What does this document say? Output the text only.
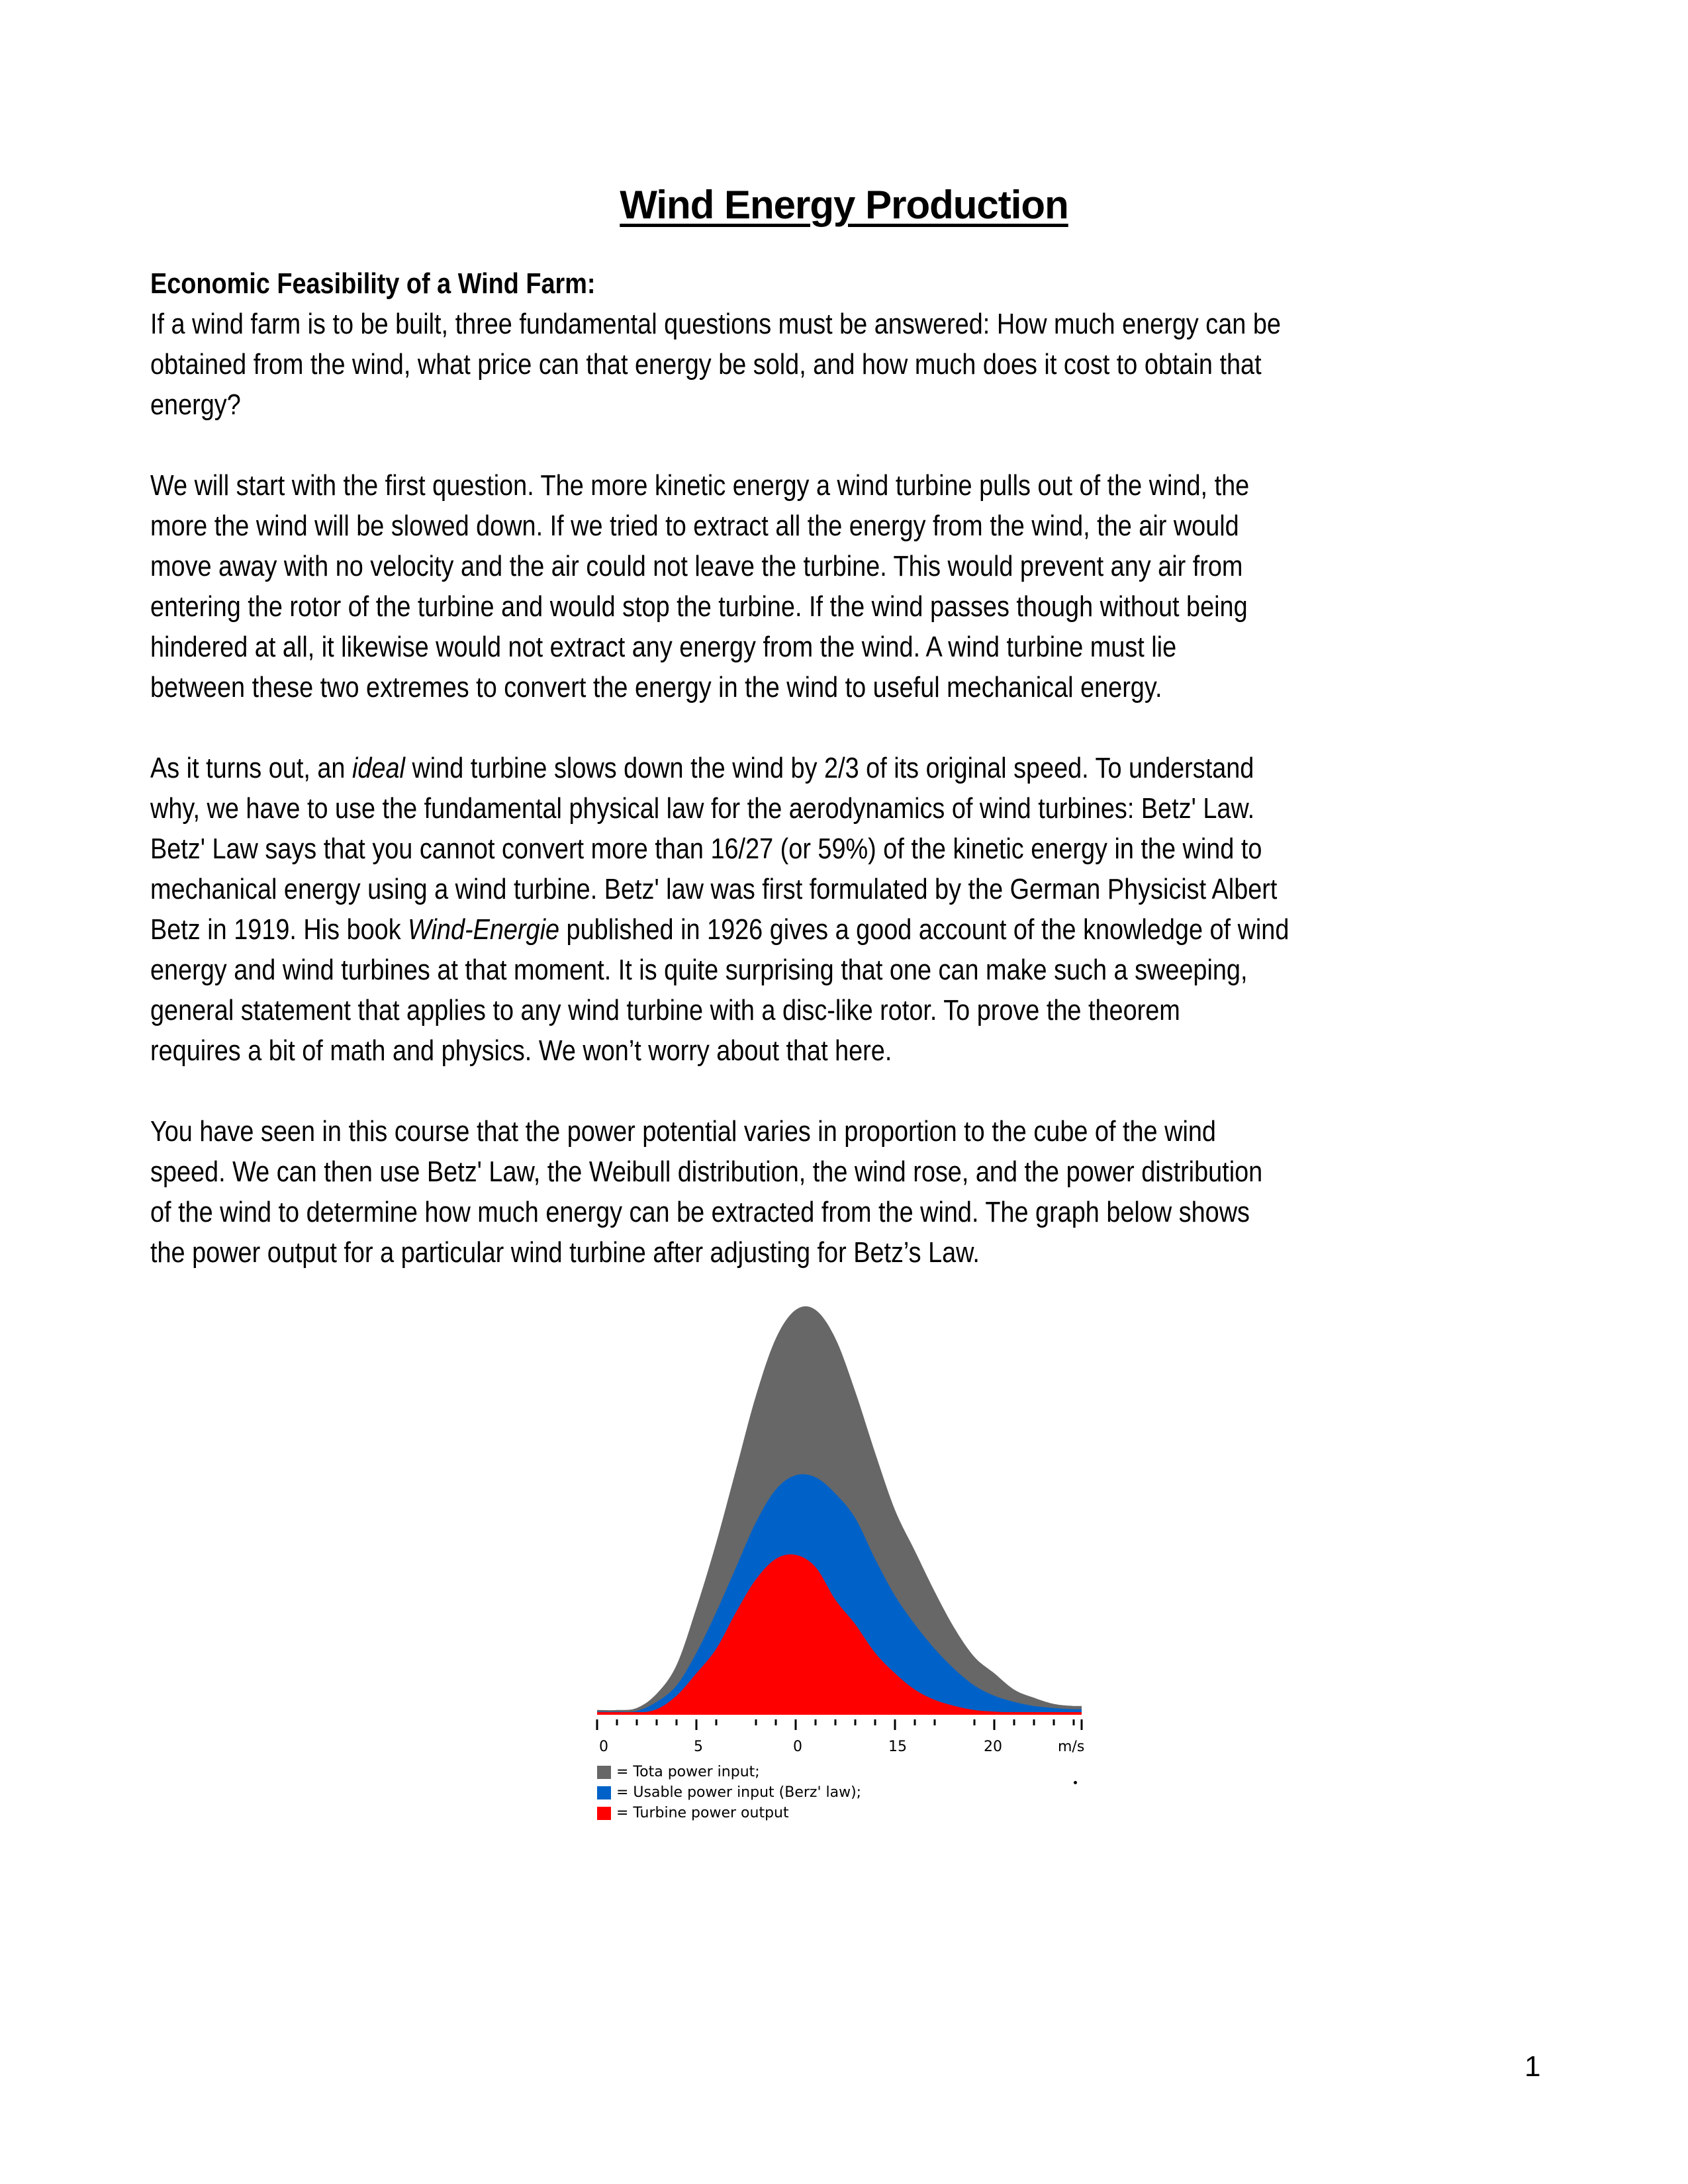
Wind Energy Production
Economic Feasibility of a Wind Farm:
If a wind farm is to be built, three fundamental questions must be answered: How much energy can be
obtained from the wind, what price can that energy be sold, and how much does it cost to obtain that
energy?
We will start with the first question. The more kinetic energy a wind turbine pulls out of the wind, the
more the wind will be slowed down. If we tried to extract all the energy from the wind, the air would
move away with no velocity and the air could not leave the turbine. This would prevent any air from
entering the rotor of the turbine and would stop the turbine. If the wind passes though without being
hindered at all, it likewise would not extract any energy from the wind. A wind turbine must lie
between these two extremes to convert the energy in the wind to useful mechanical energy.
As it turns out, an ideal wind turbine slows down the wind by 2/3 of its original speed. To understand
why, we have to use the fundamental physical law for the aerodynamics of wind turbines: Betz' Law.
Betz' Law says that you cannot convert more than 16/27 (or 59%) of the kinetic energy in the wind to
mechanical energy using a wind turbine. Betz' law was first formulated by the German Physicist Albert
Betz in 1919. His book Wind-Energie published in 1926 gives a good account of the knowledge of wind
energy and wind turbines at that moment. It is quite surprising that one can make such a sweeping,
general statement that applies to any wind turbine with a disc-like rotor. To prove the theorem
requires a bit of math and physics. We won’t worry about that here.
You have seen in this course that the power potential varies in proportion to the cube of the wind
speed. We can then use Betz' Law, the Weibull distribution, the wind rose, and the power distribution
of the wind to determine how much energy can be extracted from the wind. The graph below shows
the power output for a particular wind turbine after adjusting for Betz’s Law.
0	5	0	15	20	m/s
= Tota power input;
= Usable power input (Berz' law);
= Turbine power output
1
